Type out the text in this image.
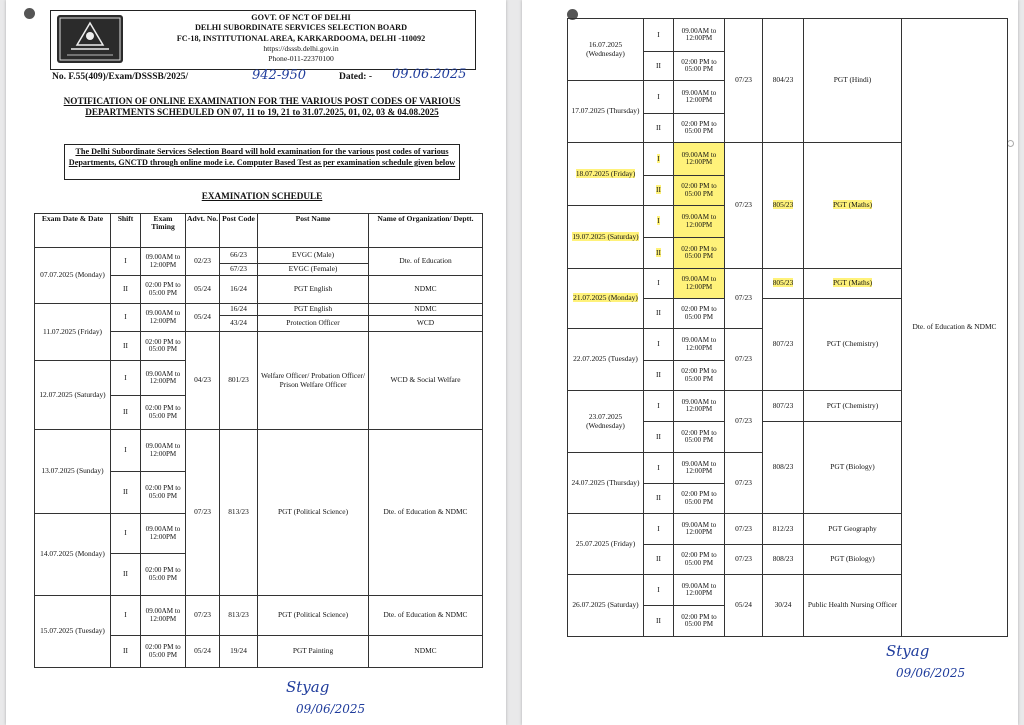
GOVT. OF NCT OF DELHI
DELHI SUBORDINATE SERVICES SELECTION BOARD
FC-18, INSTITUTIONAL AREA, KARKARDOOMA, DELHI -110092
https://dsssb.delhi.gov.in
Phone-011-22370100
No. F.55(409)/Exam/DSSSB/2025/	942-950	Dated: - 09.06.2025
NOTIFICATION OF ONLINE EXAMINATION FOR THE VARIOUS POST CODES OF VARIOUS DEPARTMENTS SCHEDULED ON 07, 11 to 19, 21 to 31.07.2025, 01, 02, 03 & 04.08.2025
The Delhi Subordinate Services Selection Board will hold examination for the various post codes of various Departments, GNCTD through online mode i.e. Computer Based Test as per examination schedule given below
EXAMINATION SCHEDULE
Exam Date & Date	Shift	Exam Timing	Advt. No.	Post Code	Post Name	Name of Organization/ Deptt.
07.07.2025 (Monday)	I	09.00AM to 12:00PM	02/23	66/23	EVGC (Male)	Dte. of Education
				67/23	EVGC (Female)	
	II	02:00 PM to 05:00 PM	05/24	16/24	PGT English	NDMC
11.07.2025 (Friday)	I	09.00AM to 12:00PM	05/24	16/24	PGT English	NDMC
				43/24	Protection Officer	WCD
	II	02:00 PM to 05:00 PM	04/23	801/23	Welfare Officer/ Probation Officer/ Prison Welfare Officer	WCD & Social Welfare
12.07.2025 (Saturday)	I	09.00AM to 12:00PM				
	II	02:00 PM to 05:00 PM				
13.07.2025 (Sunday)	I	09.00AM to 12:00PM	07/23	813/23	PGT (Political Science)	Dte. of Education & NDMC
	II	02:00 PM to 05:00 PM				
14.07.2025 (Monday)	I	09.00AM to 12:00PM				
	II	02:00 PM to 05:00 PM				
15.07.2025 (Tuesday)	I	09.00AM to 12:00PM	07/23	813/23	PGT (Political Science)	Dte. of Education & NDMC
	II	02:00 PM to 05:00 PM	05/24	19/24	PGT Painting	NDMC
Styag
09/06/2025
16.07.2025 (Wednesday)	I	09.00AM to 12:00PM	07/23	804/23	PGT (Hindi)	Dte. of Education & NDMC	
	II	02:00 PM to 05:00 PM					
17.07.2025 (Thursday)	I	09.00AM to 12:00PM					
	II	02:00 PM to 05:00 PM					
18.07.2025 (Friday)	I	09.00AM to 12:00PM	07/23	805/23	PGT (Maths)		
	II	02:00 PM to 05:00 PM					
19.07.2025 (Saturday)	I	09.00AM to 12:00PM					
	II	02:00 PM to 05:00 PM					
21.07.2025 (Monday)	I	09.00AM to 12:00PM	07/23	805/23	PGT (Maths)		
	II	02:00 PM to 05:00 PM		807/23	PGT (Chemistry)		
22.07.2025 (Tuesday)	I	09.00AM to 12:00PM	07/23				
	II	02:00 PM to 05:00 PM					
23.07.2025 (Wednesday)	I	09.00AM to 12:00PM	07/23	807/23	PGT (Chemistry)		
	II	02:00 PM to 05:00 PM		808/23	PGT (Biology)		
24.07.2025 (Thursday)	I	09.00AM to 12:00PM	07/23				
	II	02:00 PM to 05:00 PM					
25.07.2025 (Friday)	I	09.00AM to 12:00PM	07/23	812/23	PGT Geography		
	II	02:00 PM to 05:00 PM	07/23	808/23	PGT (Biology)		
26.07.2025 (Saturday)	I	09.00AM to 12:00PM	05/24	30/24	Public Health Nursing Officer	
	II	02:00 PM to 05:00 PM					
Styag
09/06/2025
